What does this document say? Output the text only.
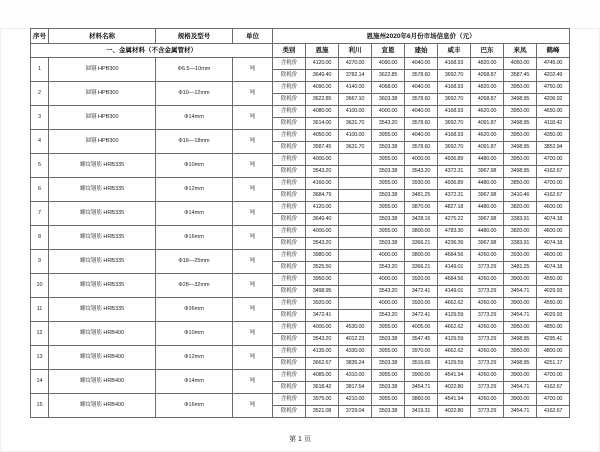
序号	材料名称	规格及型号	单位	恩施州2020年6月份市场信息价（元）								
一、金属材料（不含金属管材）				类别	恩施	利川	宣恩	建始	咸丰	巴东	来凤	鹤峰
1	圆钢 HPB300	Φ6.5—10mm	吨	含税价	4120.00	4270.00	4090.00	4040.00	4168.93	4820.00	4050.00	4745.00
				除税价	3649.40	3782.14	3622.85	3578.60	3692.70	4268.87	3587.45	4202.49
2	圆钢 HPB300	Φ10—12mm	吨	含税价	4090.00	4140.00	4068.00	4040.00	4168.93	4820.00	3950.00	4750.00
				除税价	3622.85	3667.10	3603.38	3578.60	3692.70	4268.87	3498.95	4206.92
3	圆钢 HPB300	Φ14mm	吨	含税价	4080.00	4100.00	4000.00	4040.00	4168.93	4620.00	3950.00	4650.00
				除税价	3614.00	3631.70	3543.20	3578.60	3692.70	4091.87	3498.95	4118.42
4	圆钢 HPB300	Φ16—18mm	吨	含税价	4050.00	4100.00	3955.00	4040.00	4168.93	4620.00	3950.00	4350.00
				除税价	3587.45	3631.70	3503.38	3578.60	3692.70	4091.87	3498.95	3852.94
5	螺纹钢筋 HRB335	Φ10mm	吨	含税价	4000.00		3955.00	4000.00	4936.89	4480.00	3950.00	4700.00
				除税价	3543.20		3503.38	3543.20	4372.31	3967.98	3498.95	4162.67
6	螺纹钢筋 HRB335	Φ12mm	吨	含税价	4160.00		3955.00	3930.00	4936.89	4480.00	3850.00	4700.00
				除税价	3684.79		3503.38	3481.25	4372.31	3967.98	3410.46	4162.67
7	螺纹钢筋 HRB335	Φ14mm	吨	含税价	4120.00		3955.00	3870.00	4827.18	4480.00	3820.00	4600.00
				除税价	3649.40		3503.38	3428.16	4275.22	3967.98	3383.91	4074.18
8	螺纹钢筋 HRB335	Φ16mm	吨	含税价	4000.00		3955.00	3800.00	4783.30	4480.00	3820.00	4600.00
				除税价	3543.20		3503.38	3366.21	4236.39	3967.98	3383.91	4074.18
9	螺纹钢筋 HRB335	Φ18—25mm	吨	含税价	3980.00		4000.00	3800.00	4684.56	4260.00	3930.00	4600.00
				除税价	3525.50		3543.20	3366.21	4149.01	3773.29	3481.25	4074.18
10	螺纹钢筋 HRB335	Φ28—32mm	吨	含税价	3950.00		4000.00	3920.00	4684.56	4260.00	3900.00	4550.00
				除税价	3498.95		3543.20	3472.41	4149.01	3773.29	3454.71	4029.93
11	螺纹钢筋 HRB335	Φ36mm	吨	含税价	3920.00		4000.00	3920.00	4662.62	4260.00	3900.00	4550.00
				除税价	3472.41		3543.20	3472.41	4129.59	3773.29	3454.71	4029.93
12	螺纹钢筋 HRB400	Φ10mm	吨	含税价	4000.00	4530.00	3955.00	4005.00	4662.62	4260.00	3950.00	4850.00
				除税价	3543.20	4012.23	3503.38	3547.45	4129.59	3773.29	3498.95	4295.41
13	螺纹钢筋 HRB400	Φ12mm	吨	含税价	4135.00	4330.00	3955.00	3970.00	4662.62	4260.00	3950.00	4800.00
				除税价	3662.67	3835.24	3503.38	3516.65	4129.59	3773.29	3498.95	4251.17
14	螺纹钢筋 HRB400	Φ14mm	吨	含税价	4085.00	4310.00	3955.00	3900.00	4541.94	4260.00	3900.00	4700.00
				除税价	3618.42	3817.54	3503.38	3454.71	4022.80	3773.29	3454.71	4162.67
15	螺纹钢筋 HRB400	Φ16mm	吨	含税价	3975.00	4210.00	3955.00	3860.00	4541.94	4260.00	3900.00	4700.00
				除税价	3521.08	3729.04	3503.38	3419.31	4022.80	3773.29	3454.71	4162.67
第 1 页
